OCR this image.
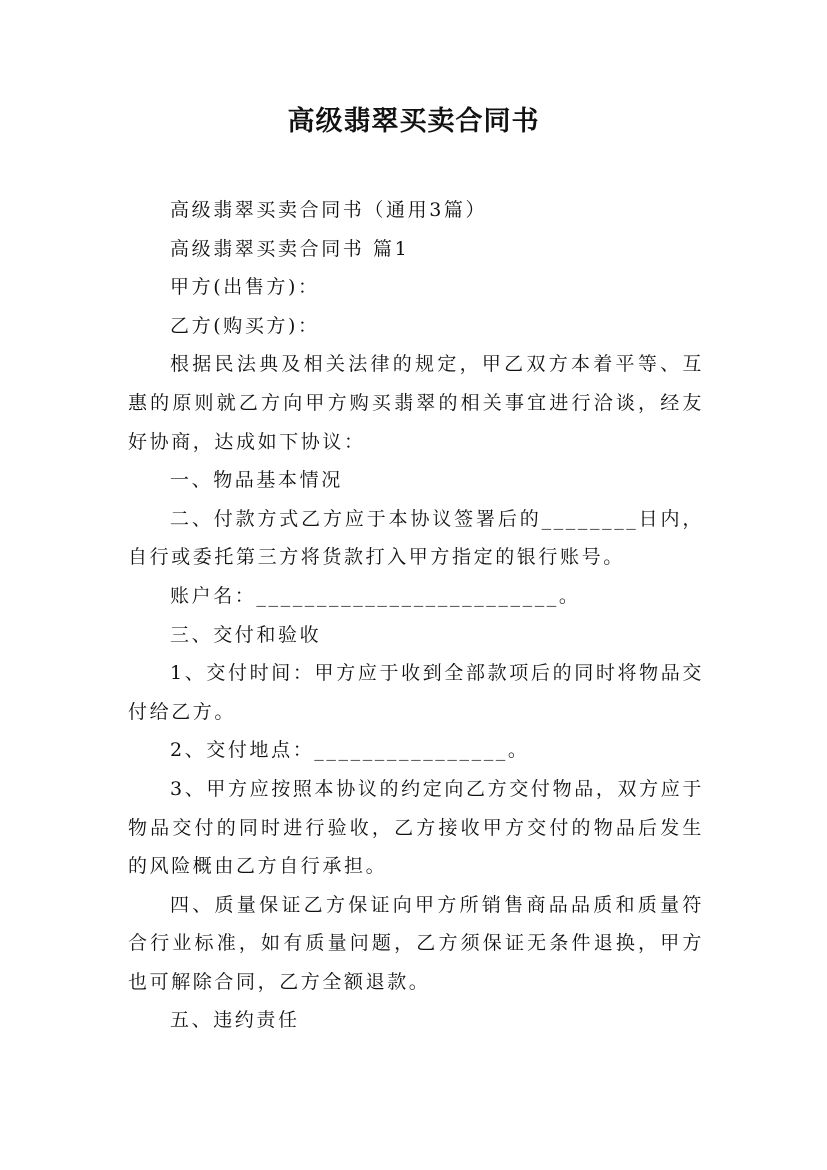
高级翡翠买卖合同书

高级翡翠买卖合同书（通用3篇）

高级翡翠买卖合同书 篇1

甲方(出售方)：

乙方(购买方)：

根据民法典及相关法律的规定，甲乙双方本着平等、互惠的原则就乙方向甲方购买翡翠的相关事宜进行洽谈，经友好协商，达成如下协议：

一、物品基本情况

二、付款方式乙方应于本协议签署后的________日内，自行或委托第三方将货款打入甲方指定的银行账号。

账户名：_________________________。

三、交付和验收

1、交付时间：甲方应于收到全部款项后的同时将物品交付给乙方。

2、交付地点：________________。

3、甲方应按照本协议的约定向乙方交付物品，双方应于物品交付的同时进行验收，乙方接收甲方交付的物品后发生的风险概由乙方自行承担。

四、质量保证乙方保证向甲方所销售商品品质和质量符合行业标准，如有质量问题，乙方须保证无条件退换，甲方也可解除合同，乙方全额退款。

五、违约责任
